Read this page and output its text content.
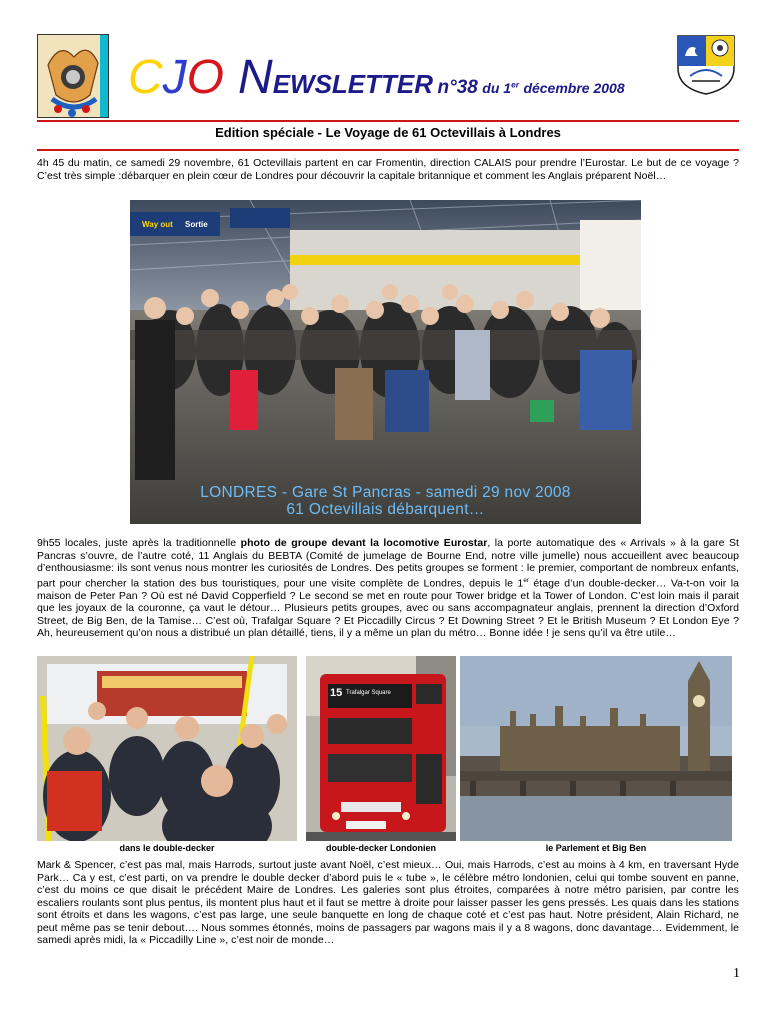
CJO NEWSLETTER n°38 du 1er décembre 2008
Edition spéciale - Le Voyage de 61 Octevillais à Londres

4h 45 du matin, ce samedi 29 novembre, 61 Octevillais partent en car Fromentin, direction CALAIS pour prendre l’Eurostar. Le but de ce voyage ? C’est très simple :débarquer en plein cœur de Londres pour découvrir la capitale britannique et comment les Anglais préparent Noël…

LONDRES - Gare St Pancras - samedi 29 nov 2008
61 Octevillais débarquent…
Way out Sortie

9h55 locales, juste après la traditionnelle photo de groupe devant la locomotive Eurostar, la porte automatique des « Arrivals » à la gare St Pancras s’ouvre, de l’autre coté, 11 Anglais du BEBTA (Comité de jumelage de Bourne End, notre ville jumelle) nous accueillent avec beaucoup d’enthousiasme: ils sont venus nous montrer les curiosités de Londres. Des petits groupes se forment : le premier, comportant de nombreux enfants, part pour chercher la station des bus touristiques, pour une visite complète de Londres, depuis le 1er étage d’un double-decker… Va-t-on voir la maison de Peter Pan ? Où est né David Copperfield ? Le second se met en route pour Tower bridge et la Tower of London. C’est loin mais il parait que les joyaux de la couronne, ça vaut le détour… Plusieurs petits groupes, avec ou sans accompagnateur anglais, prennent la direction d’Oxford Street, de Big Ben, de la Tamise… C’est où, Trafalgar Square ? Et Piccadilly Circus ? Et Downing Street ? Et le British Museum ? Et London Eye ? Ah, heureusement qu’on nous a distribué un plan détaillé, tiens, il y a même un plan du métro… Bonne idée ! je sens qu’il va être utile…

15 Trafalgar Square
dans le double-decker	double-decker Londonien	le Parlement et Big Ben

Mark & Spencer, c’est pas mal, mais Harrods, surtout juste avant Noël, c’est mieux… Oui, mais Harrods, c’est au moins à 4 km, en traversant Hyde Park… Ca y est, c’est parti, on va prendre le double decker d’abord puis le « tube », le célèbre métro londonien, celui qui tombe souvent en panne, c’est du moins ce que disait le précédent Maire de Londres. Les galeries sont plus étroites, comparées à notre métro parisien, par contre les escaliers roulants sont plus pentus, ils montent plus haut et il faut se mettre à droite pour laisser passer les gens pressés. Les quais dans les stations sont étroits et dans les wagons, c’est pas large, une seule banquette en long de chaque coté et c’est pas haut. Notre président, Alain Richard, ne peut même pas se tenir debout…. Nous sommes étonnés, moins de passagers par wagons mais il y a 8 wagons, donc davantage… Evidemment, le samedi après midi, la « Piccadilly Line », c’est noir de monde…

1
